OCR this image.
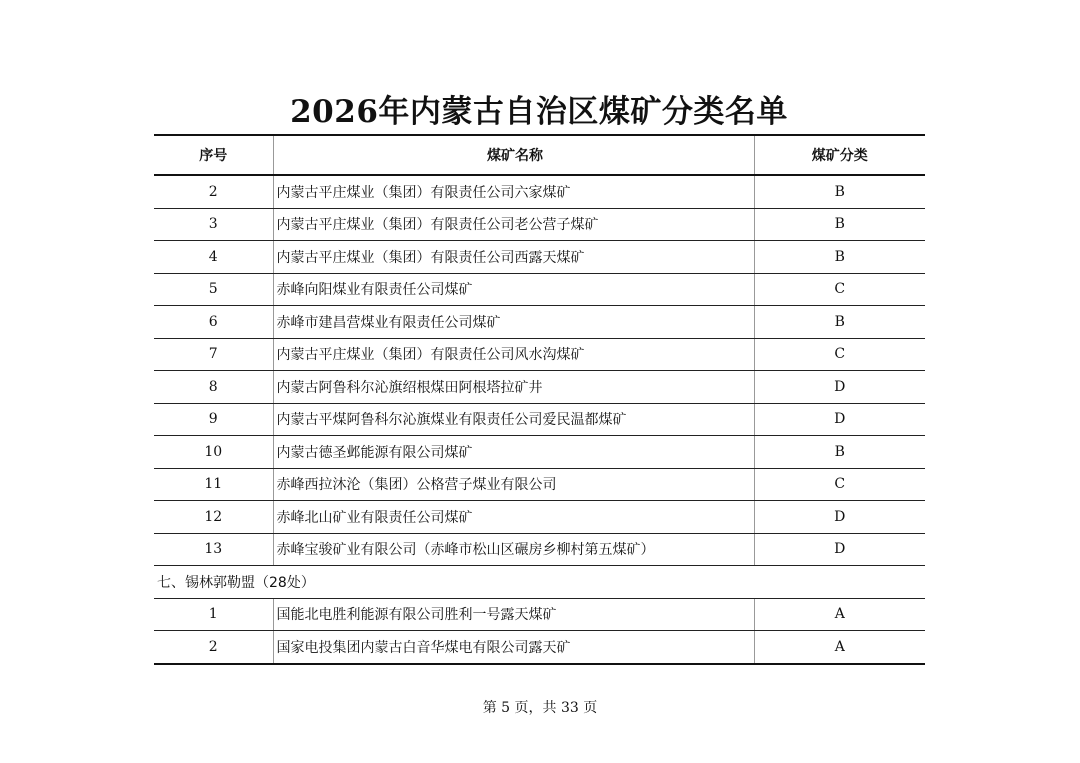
2026年内蒙古自治区煤矿分类名单
序号	煤矿名称	煤矿分类
2	内蒙古平庄煤业（集团）有限责任公司六家煤矿	B
3	内蒙古平庄煤业（集团）有限责任公司老公营子煤矿	B
4	内蒙古平庄煤业（集团）有限责任公司西露天煤矿	B
5	赤峰向阳煤业有限责任公司煤矿	C
6	赤峰市建昌营煤业有限责任公司煤矿	B
7	内蒙古平庄煤业（集团）有限责任公司风水沟煤矿	C
8	内蒙古阿鲁科尔沁旗绍根煤田阿根塔拉矿井	D
9	内蒙古平煤阿鲁科尔沁旗煤业有限责任公司爱民温都煤矿	D
10	内蒙古德圣邺能源有限公司煤矿	B
11	赤峰西拉沐沦（集团）公格营子煤业有限公司	C
12	赤峰北山矿业有限责任公司煤矿	D
13	赤峰宝骏矿业有限公司（赤峰市松山区碾房乡柳村第五煤矿）	D
七、锡林郭勒盟（28处）		
1	国能北电胜利能源有限公司胜利一号露天煤矿	A
2	国家电投集团内蒙古白音华煤电有限公司露天矿	A
第 5 页，共 33 页
